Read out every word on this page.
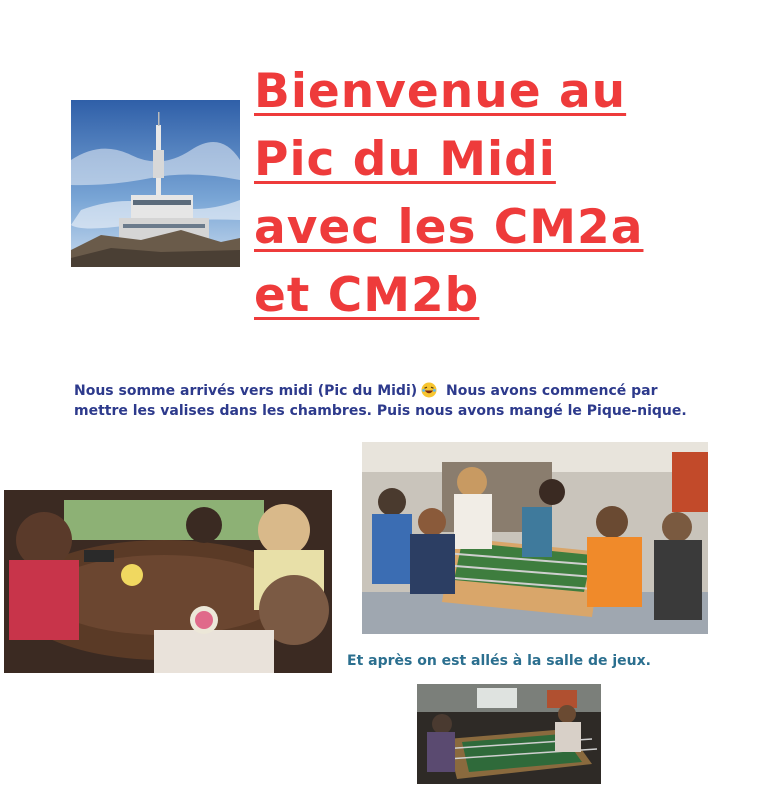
Bienvenue au
Pic du Midi
avec les CM2a
et CM2b

Nous somme arrivés vers midi (Pic du Midi) Nous avons commencé par mettre les valises dans les chambres. Puis nous avons mangé le Pique-nique.

Et après on est allés à la salle de jeux.
